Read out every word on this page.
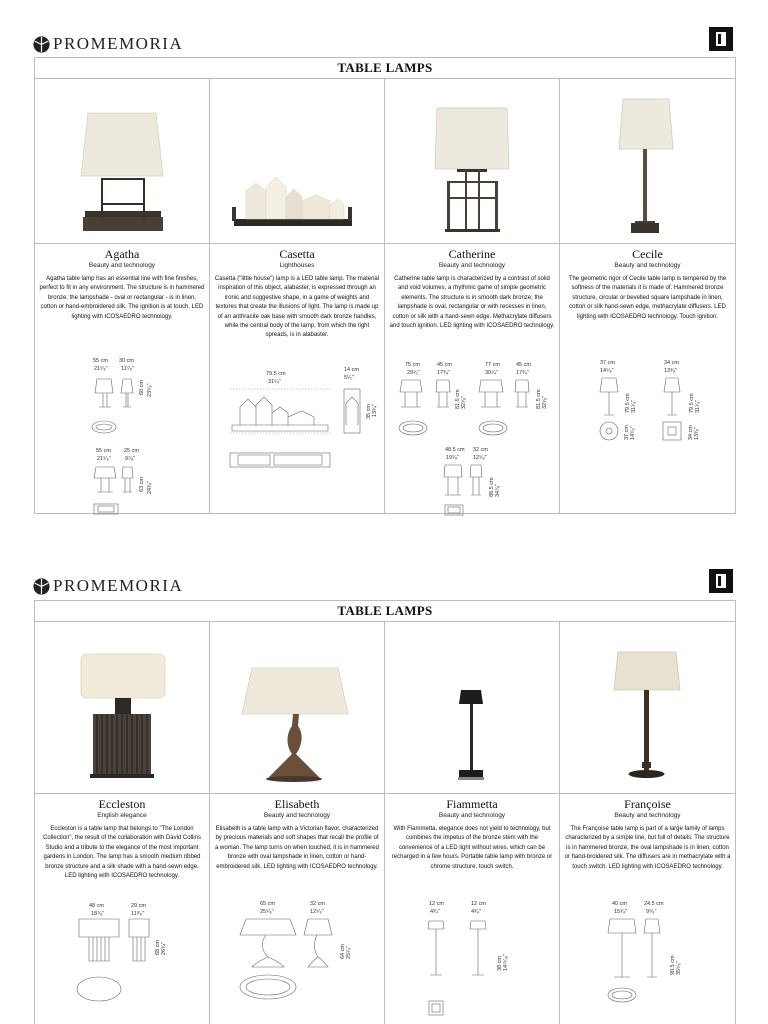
PROMEMORIA
TABLE LAMPS
Agatha
Beauty and technology
Agatha table lamp has an essential line with fine finishes, perfect to fit in any environment. The structure is in hammered bronze; the lampshade - oval or rectangular - is in linen, cotton or hand-embroidered silk. The ignition is at touch. LED lighting with ICOSAEDRO technology.
55 cm
21⁵⁄₈"
30 cm
11⁷⁄₈"
60 cm 23⁵⁄₈"
55 cm
21⁵⁄₈"
25 cm
9⁷⁄₈"
63 cm 24³⁄₄"
Casetta
Lighthouses
Casetta ("little house") lamp is a LED table lamp. The material inspiration of this object, alabaster, is expressed through an ironic and suggestive shape, in a game of weights and textures that create the illusions of light. The lamp is made up of an anthracite oak base with smooth dark bronze handles, while the central body of the lamp, from which the light spreads, is in alabaster.
79.5 cm
31¹⁄₄"
14 cm
5¹⁄₂"
35 cm 13³⁄₄"
Catherine
Beauty and technology
Catherine table lamp is characterized by a contrast of solid and void volumes, a rhythmic game of simple geometric elements. The structure is in smooth dark bronze; the lampshade is oval, rectangular or with recesses in linen, cotton or silk with a hand-sewn edge. Methacrylate diffusers and touch ignition. LED lighting with ICOSAEDRO technology.
75 cm
29¹⁄₂"
45 cm
17³⁄₄"
81.5 cm 32¹⁄₈"
77 cm
30¹⁄₄"
45 cm
17³⁄₄"
81.5 cm 32¹⁄₈"
48.5 cm
19¹⁄₈"
32 cm
12⁵⁄₈"
88.5 cm 34⁷⁄₈"
Cecile
Beauty and technology
The geometric rigor of Cecile table lamp is tempered by the softness of the materials it is made of. Hammered bronze structure, circular or bevelled square lampshade in linen, cotton or silk hand-sewn edge, methacrylate diffusers. LED lighting with ICOSAEDRO technology. Touch ignition.
37 cm
14⁵⁄₈"
34 cm
13³⁄₈"
79.5 cm 31¹⁄₄"	79.5 cm 31¹⁄₄"
37 cm 14⁵⁄₈"	34 cm 13³⁄₈"
PROMEMORIA
TABLE LAMPS
Eccleston
English elegance
Eccleston is a table lamp that belongs to "The London Collection", the result of the collaboration with David Collins Studio and a tribute to the elegance of the most important gardens in London. The lamp has a smooth medium ribbed bronze structure and a silk shade with a hand-sewn edge. LED lighting with ICOSAEDRO technology.
48 cm
18⁷⁄₈"
29 cm
11³⁄₈"
68 cm 26³⁄₄"
Elisabeth
Beauty and technology
Elisabeth is a table lamp with a Victorian flavor, characterized by precious materials and soft shapes that recall the profile of a woman. The lamp turns on when touched, it is in hammered bronze with oval lampshade in linen, cotton or hand-embroidered silk. LED lighting with ICOSAEDRO technology.
65 cm
25⁵⁄₈"
32 cm
12⁵⁄₈"
64 cm 25¹⁄₄"
Fiammetta
Beauty and technology
With Fiammetta, elegance does not yield to technology, but combines the impetus of the bronze stem with the convenience of a LED light without wires, which can be recharged in a few hours. Portable table lamp with bronze or chrome structure, touch switch.
12 cm
4³⁄₄"
12 cm
4³⁄₄"
38 cm 14¹⁵⁄₁₆"
Françoise
Beauty and technology
The Françoise table lamp is part of a large family of lamps characterized by a simple line, but full of details. The structure is in hammered bronze, the oval lampshade is in linen, cotton or hand-broidered silk. The diffusers are in methacrylate with a touch switch. LED lighting with ICOSAEDRO technology.
40 cm
15³⁄₄"
24.5 cm
9⁵⁄₈"
90.5 cm 35⁵⁄₈"
